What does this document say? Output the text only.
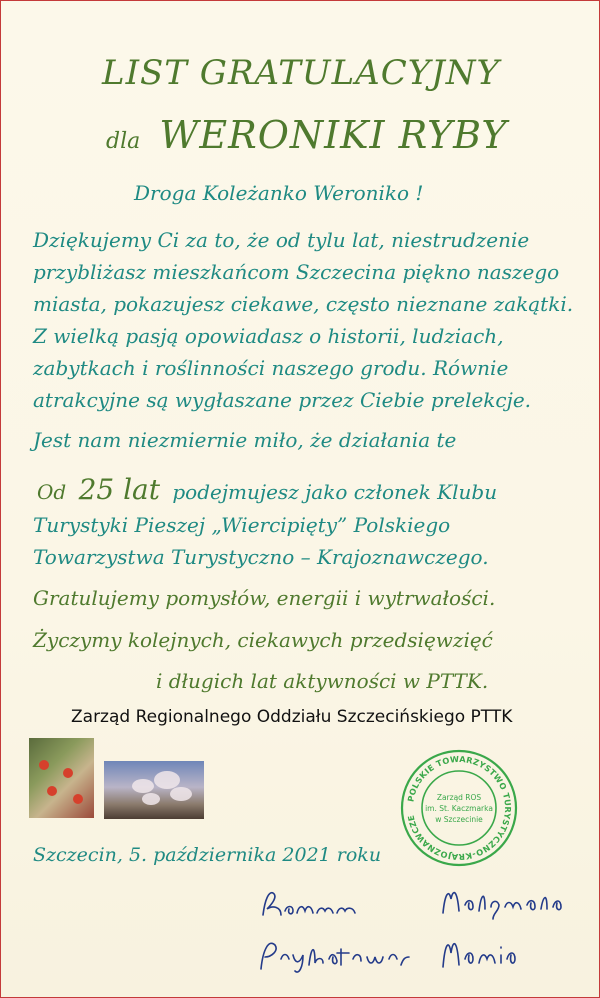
LIST GRATULACYJNY
dla WERONIKI RYBY
Droga Koleżanko Weroniko !
Dziękujemy Ci za to, że od tylu lat, niestrudzenie
przybliżasz mieszkańcom Szczecina piękno naszego
miasta, pokazujesz ciekawe, często nieznane zakątki.
Z wielką pasją opowiadasz o historii, ludziach,
zabytkach i roślinności naszego grodu. Równie
atrakcyjne są wygłaszane przez Ciebie prelekcje.
Jest nam niezmiernie miło, że działania te
Od 25 lat podejmujesz jako członek Klubu
Turystyki Pieszej „Wiercipięty” Polskiego
Towarzystwa Turystyczno – Krajoznawczego.
Gratulujemy pomysłów, energii i wytrwałości.
Życzymy kolejnych, ciekawych przedsięwzięć
i długich lat aktywności w PTTK.
Zarząd Regionalnego Oddziału Szczecińskiego PTTK
POLSKIE TOWARZYSTWO TURYSTYCZNO-KRAJOZNAWCZE
Zarząd ROS
im. St. Kaczmarka
w Szczecinie
Szczecin, 5. października 2021 roku
